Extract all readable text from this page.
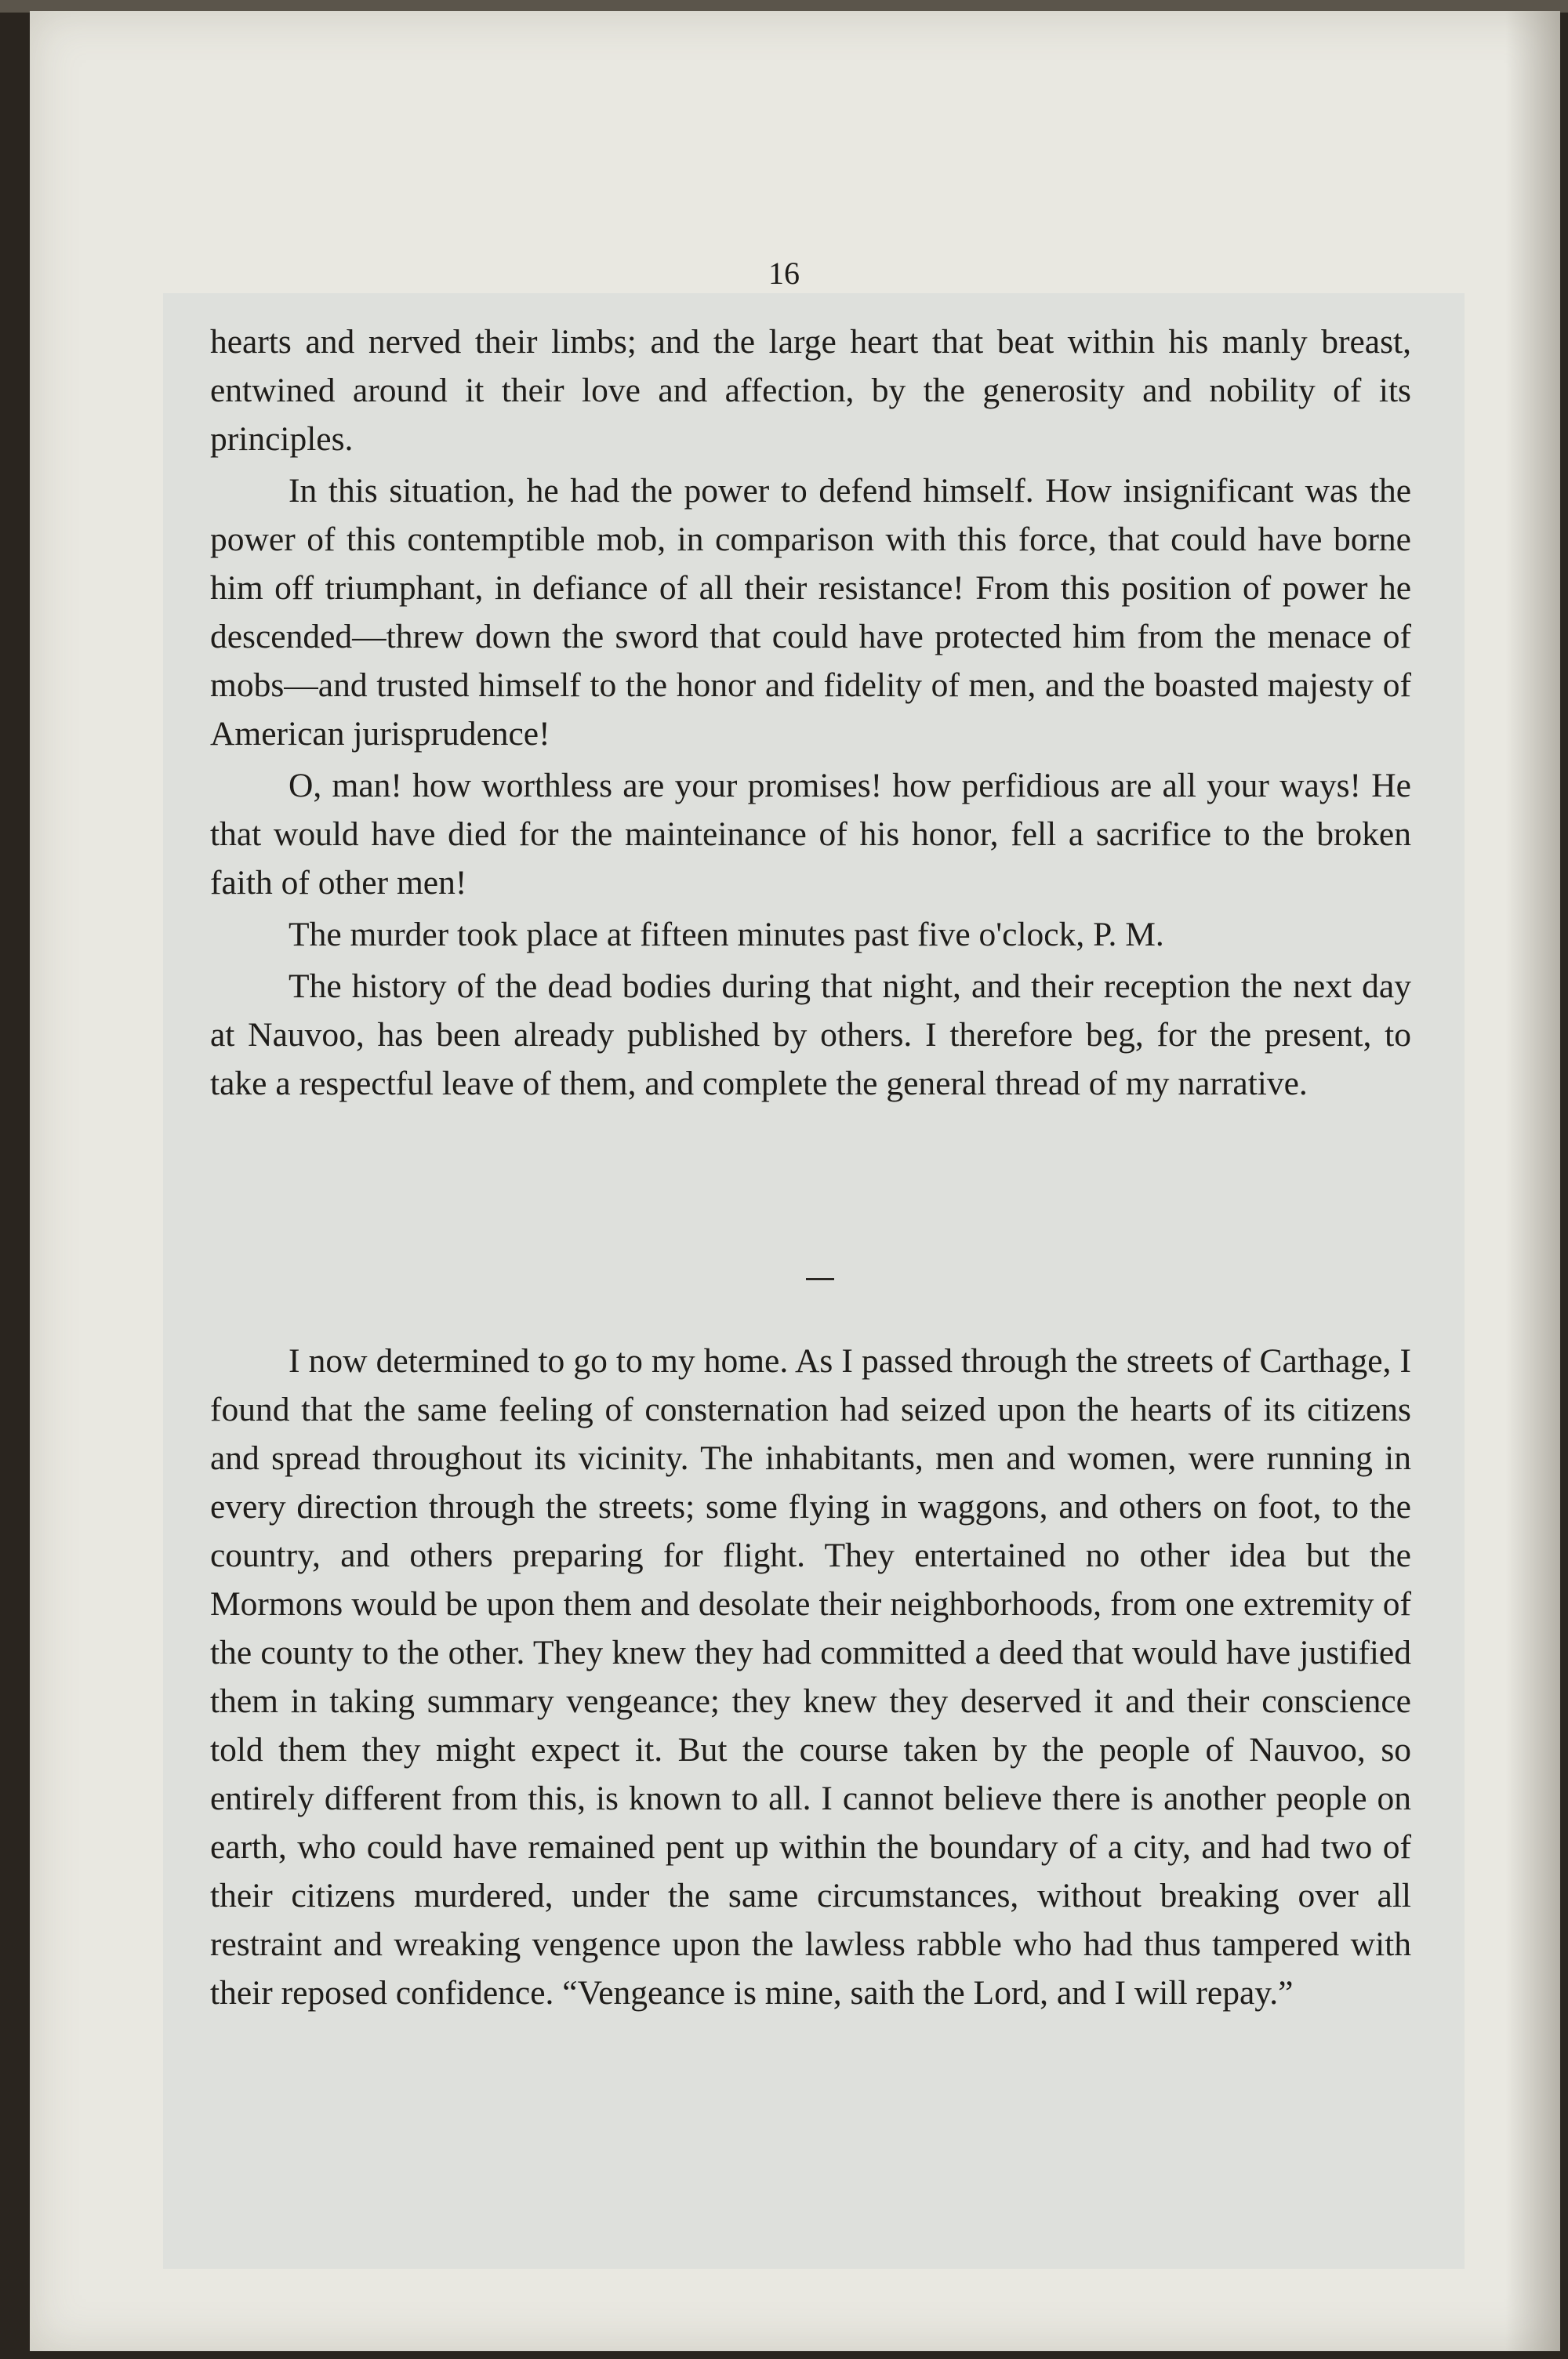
16

hearts and nerved their limbs; and the large heart that beat within his manly breast, entwined around it their love and affection, by the generosity and nobility of its principles.

In this situation, he had the power to defend himself. How insignificant was the power of this contemptible mob, in comparison with this force, that could have borne him off triumphant, in defiance of all their resistance! From this position of power he descended—threw down the sword that could have protected him from the menace of mobs—and trusted himself to the honor and fidelity of men, and the boasted majesty of American jurisprudence!

O, man! how worthless are your promises! how perfidious are all your ways! He that would have died for the mainteinance of his honor, fell a sacrifice to the broken faith of other men!

The murder took place at fifteen minutes past five o'clock, P. M.

The history of the dead bodies during that night, and their reception the next day at Nauvoo, has been already published by others. I therefore beg, for the present, to take a respectful leave of them, and complete the general thread of my narrative.

I now determined to go to my home. As I passed through the streets of Carthage, I found that the same feeling of consternation had seized upon the hearts of its citizens and spread throughout its vicinity. The inhabitants, men and women, were running in every direction through the streets; some flying in waggons, and others on foot, to the country, and others preparing for flight. They entertained no other idea but the Mormons would be upon them and desolate their neighborhoods, from one extremity of the county to the other. They knew they had committed a deed that would have justified them in taking summary vengeance; they knew they deserved it and their conscience told them they might expect it. But the course taken by the people of Nauvoo, so entirely different from this, is known to all. I cannot believe there is another people on earth, who could have remained pent up within the boundary of a city, and had two of their citizens murdered, under the same circumstances, without breaking over all restraint and wreaking vengence upon the lawless rabble who had thus tampered with their reposed confidence. “Vengeance is mine, saith the Lord, and I will repay.”
